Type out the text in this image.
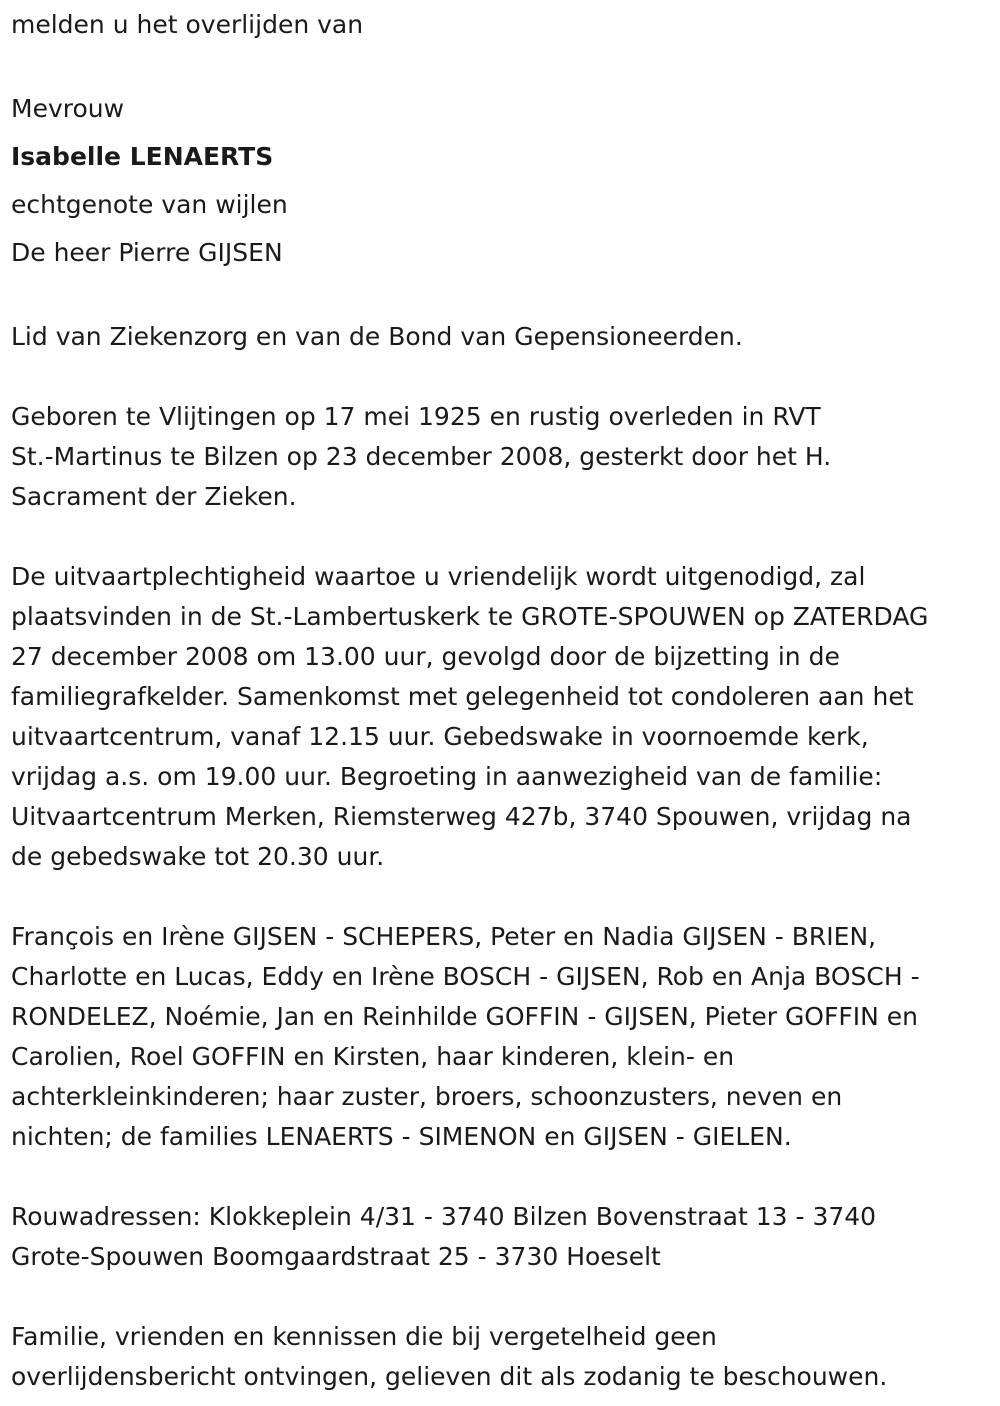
melden u het overlijden van

Mevrouw

Isabelle LENAERTS

echtgenote van wijlen

De heer Pierre GIJSEN

Lid van Ziekenzorg en van de Bond van Gepensioneerden.

Geboren te Vlijtingen op 17 mei 1925 en rustig overleden in RVT

St.-Martinus te Bilzen op 23 december 2008, gesterkt door het H.

Sacrament der Zieken.

De uitvaartplechtigheid waartoe u vriendelijk wordt uitgenodigd, zal

plaatsvinden in de St.-Lambertuskerk te GROTE-SPOUWEN op ZATERDAG

27 december 2008 om 13.00 uur, gevolgd door de bijzetting in de

familiegrafkelder. Samenkomst met gelegenheid tot condoleren aan het

uitvaartcentrum, vanaf 12.15 uur. Gebedswake in voornoemde kerk,

vrijdag a.s. om 19.00 uur. Begroeting in aanwezigheid van de familie:

Uitvaartcentrum Merken, Riemsterweg 427b, 3740 Spouwen, vrijdag na

de gebedswake tot 20.30 uur.

François en Irène GIJSEN - SCHEPERS, Peter en Nadia GIJSEN - BRIEN,

Charlotte en Lucas, Eddy en Irène BOSCH - GIJSEN, Rob en Anja BOSCH -

RONDELEZ, Noémie, Jan en Reinhilde GOFFIN - GIJSEN, Pieter GOFFIN en

Carolien, Roel GOFFIN en Kirsten, haar kinderen, klein- en

achterkleinkinderen; haar zuster, broers, schoonzusters, neven en

nichten; de families LENAERTS - SIMENON en GIJSEN - GIELEN.

Rouwadressen: Klokkeplein 4/31 - 3740 Bilzen Bovenstraat 13 - 3740

Grote-Spouwen Boomgaardstraat 25 - 3730 Hoeselt

Familie, vrienden en kennissen die bij vergetelheid geen

overlijdensbericht ontvingen, gelieven dit als zodanig te beschouwen.
